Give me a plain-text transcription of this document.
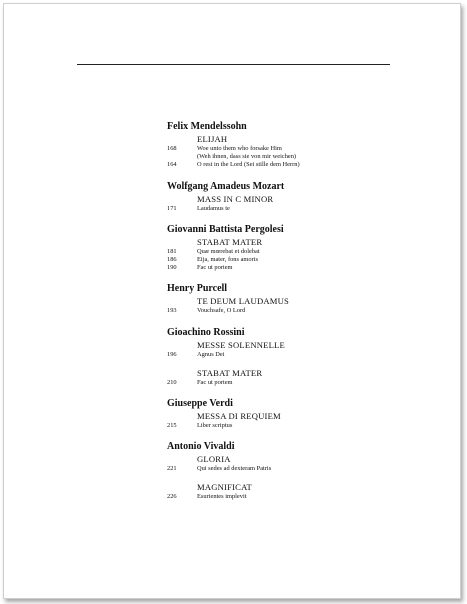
Felix Mendelssohn
ELIJAH
168	Woe unto them who forsake Him
(Weh ihnen, dass sie von mir weichen)
164	O rest in the Lord (Sei stille dem Herrn)
Wolfgang Amadeus Mozart
MASS IN C MINOR
171	Laudamus te
Giovanni Battista Pergolesi
STABAT MATER
181	Quæ mœrebat et dolebat
186	Eija, mater, fons amoris
190	Fac ut portem
Henry Purcell
TE DEUM LAUDAMUS
193	Vouchsafe, O Lord
Gioachino Rossini
MESSE SOLENNELLE
196	Agnus Dei
STABAT MATER
210	Fac ut portem
Giuseppe Verdi
MESSA DI REQUIEM
215	Liber scriptus
Antonio Vivaldi
GLORIA
221	Qui sedes ad dexteram Patris
MAGNIFICAT
226	Esurientes implevit
